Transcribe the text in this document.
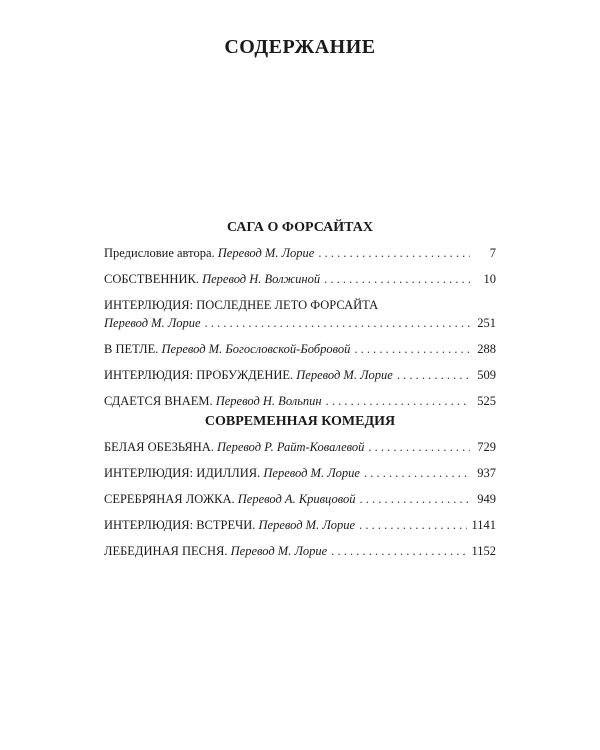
СОДЕРЖАНИЕ
САГА О ФОРСАЙТАХ
Предисловие автора.
Перевод М. Лорие . . .	7
СОБСТВЕННИК.
Перевод Н. Волжиной . . .	10
ИНТЕРЛЮДИЯ: ПОСЛЕДНЕЕ ЛЕТО ФОРСАЙТА
Перевод М. Лорие . . .	251
В ПЕТЛЕ.
Перевод М. Богословской-Бобровой . . .	288
ИНТЕРЛЮДИЯ: ПРОБУЖДЕНИЕ.
Перевод М. Лорие . . .	509
СДАЕТСЯ ВНАЕМ.
Перевод Н. Вольпин . . .	525
СОВРЕМЕННАЯ КОМЕДИЯ
БЕЛАЯ ОБЕЗЬЯНА.
Перевод Р. Райт-Ковалевой . . .	729
ИНТЕРЛЮДИЯ: ИДИЛЛИЯ.
Перевод М. Лорие . . .	937
СЕРЕБРЯНАЯ ЛОЖКА.
Перевод А. Кривцовой . . .	949
ИНТЕРЛЮДИЯ: ВСТРЕЧИ.
Перевод М. Лорие . . .	1141
ЛЕБЕДИНАЯ ПЕСНЯ.
Перевод М. Лорие . . .	1152
